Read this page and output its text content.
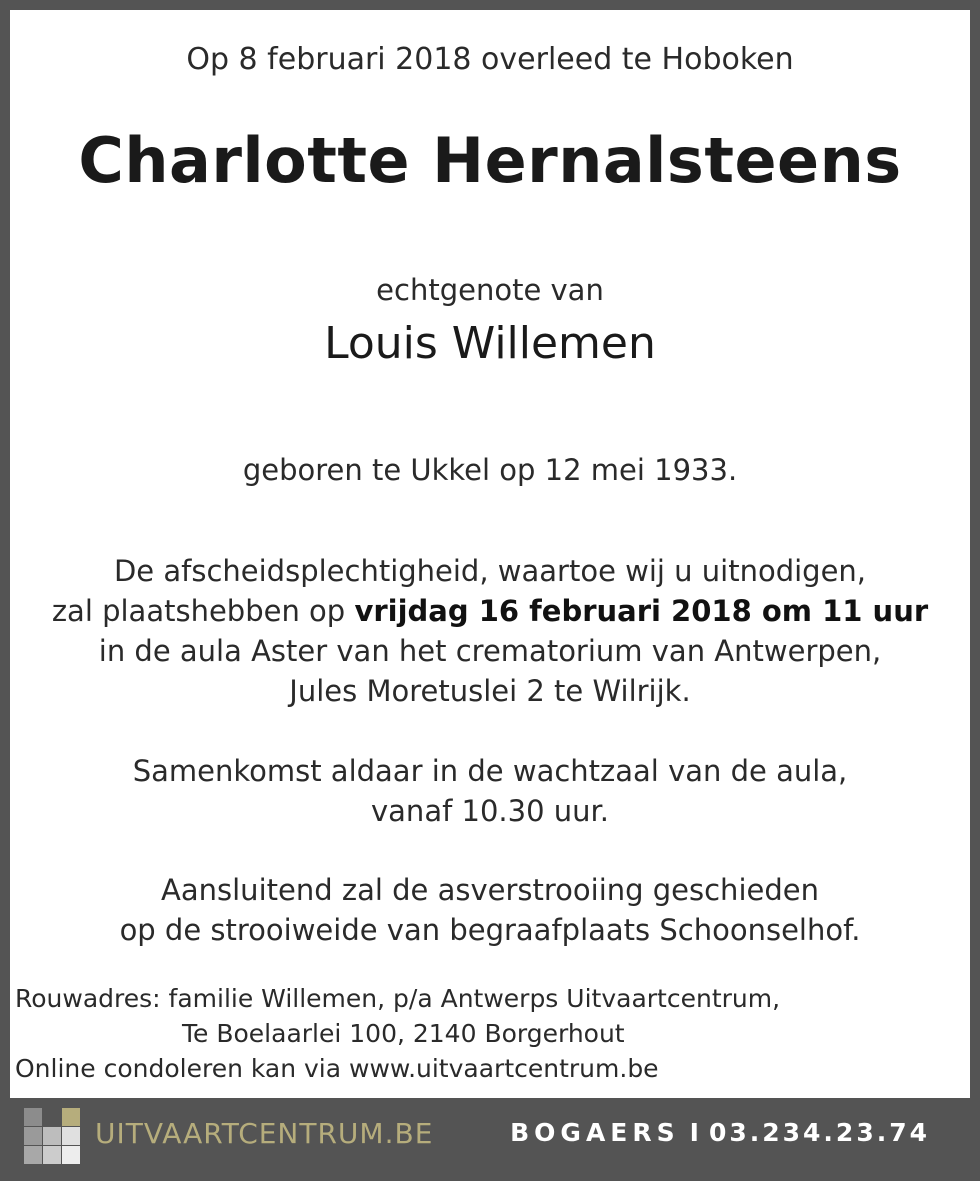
Op 8 februari 2018 overleed te Hoboken
Charlotte Hernalsteens
echtgenote van
Louis Willemen
geboren te Ukkel op 12 mei 1933.
De afscheidsplechtigheid, waartoe wij u uitnodigen,
zal plaatshebben op vrijdag 16 februari 2018 om 11 uur
in de aula Aster van het crematorium van Antwerpen,
Jules Moretuslei 2 te Wilrijk.
Samenkomst aldaar in de wachtzaal van de aula,
vanaf 10.30 uur.
Aansluitend zal de asverstrooiing geschieden
op de strooiweide van begraafplaats Schoonselhof.
Rouwadres: familie Willemen, p/a Antwerps Uitvaartcentrum,
Te Boelaarlei 100, 2140 Borgerhout
Online condoleren kan via www.uitvaartcentrum.be
UITVAARTCENTRUM.BE	BOGAERS I 03.234.23.74
